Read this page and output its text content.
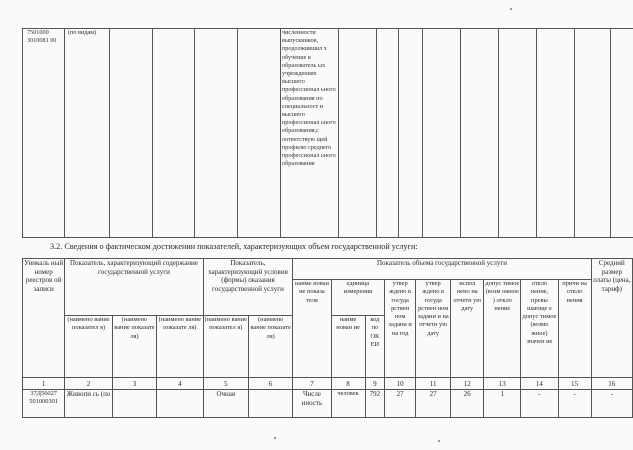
7501000 3010081 00	(по видам)					численности выпускников, продолжившил х обучение в образователь ых учреждениях высшего профессионал ьного образования по специальност и высшего профессионал ьного образования,с оответствую щей профилю среднего профессионал ьного образования									
3.2. Сведения о фактическом достижении показателей, характеризующих объем государственной услуги:
Уникаль ный номер реестров ой записи	Показатель, характеризующий содержание государственной услуги			Показатель, характеризующий условия (формы) оказания государственной услуги		Показатель объема государственной услуги									Средний размер платы (цена, тариф)
						наиме нован ие показа теля	единица измерения		утвер ждено в госуда рствен ном задани и на год	утвер ждено в госуда рствен ном задани и на отчетн ую дату	испол нено на отчетн ую дату	допус тимое (возм ожное ) откло нение	откло нение, превы шающе е допус тимое (возмо жное) значен ие	причи на откло нения	
	(наимено вание показател я)	(наимено вание показате ля)	(наимено вание показате ля)	(наимено вание показател я)	(наимено вание показате ля)		наиме нован ие	код по ОК ЕИ							
1	2	3	4	5	6	7	8	9	10	11	12	13	14	15	16
37Д56027 501000301	Живопи сь (по			Очная		Числе нность	человек	792	27	27	26	1	-	-	-
